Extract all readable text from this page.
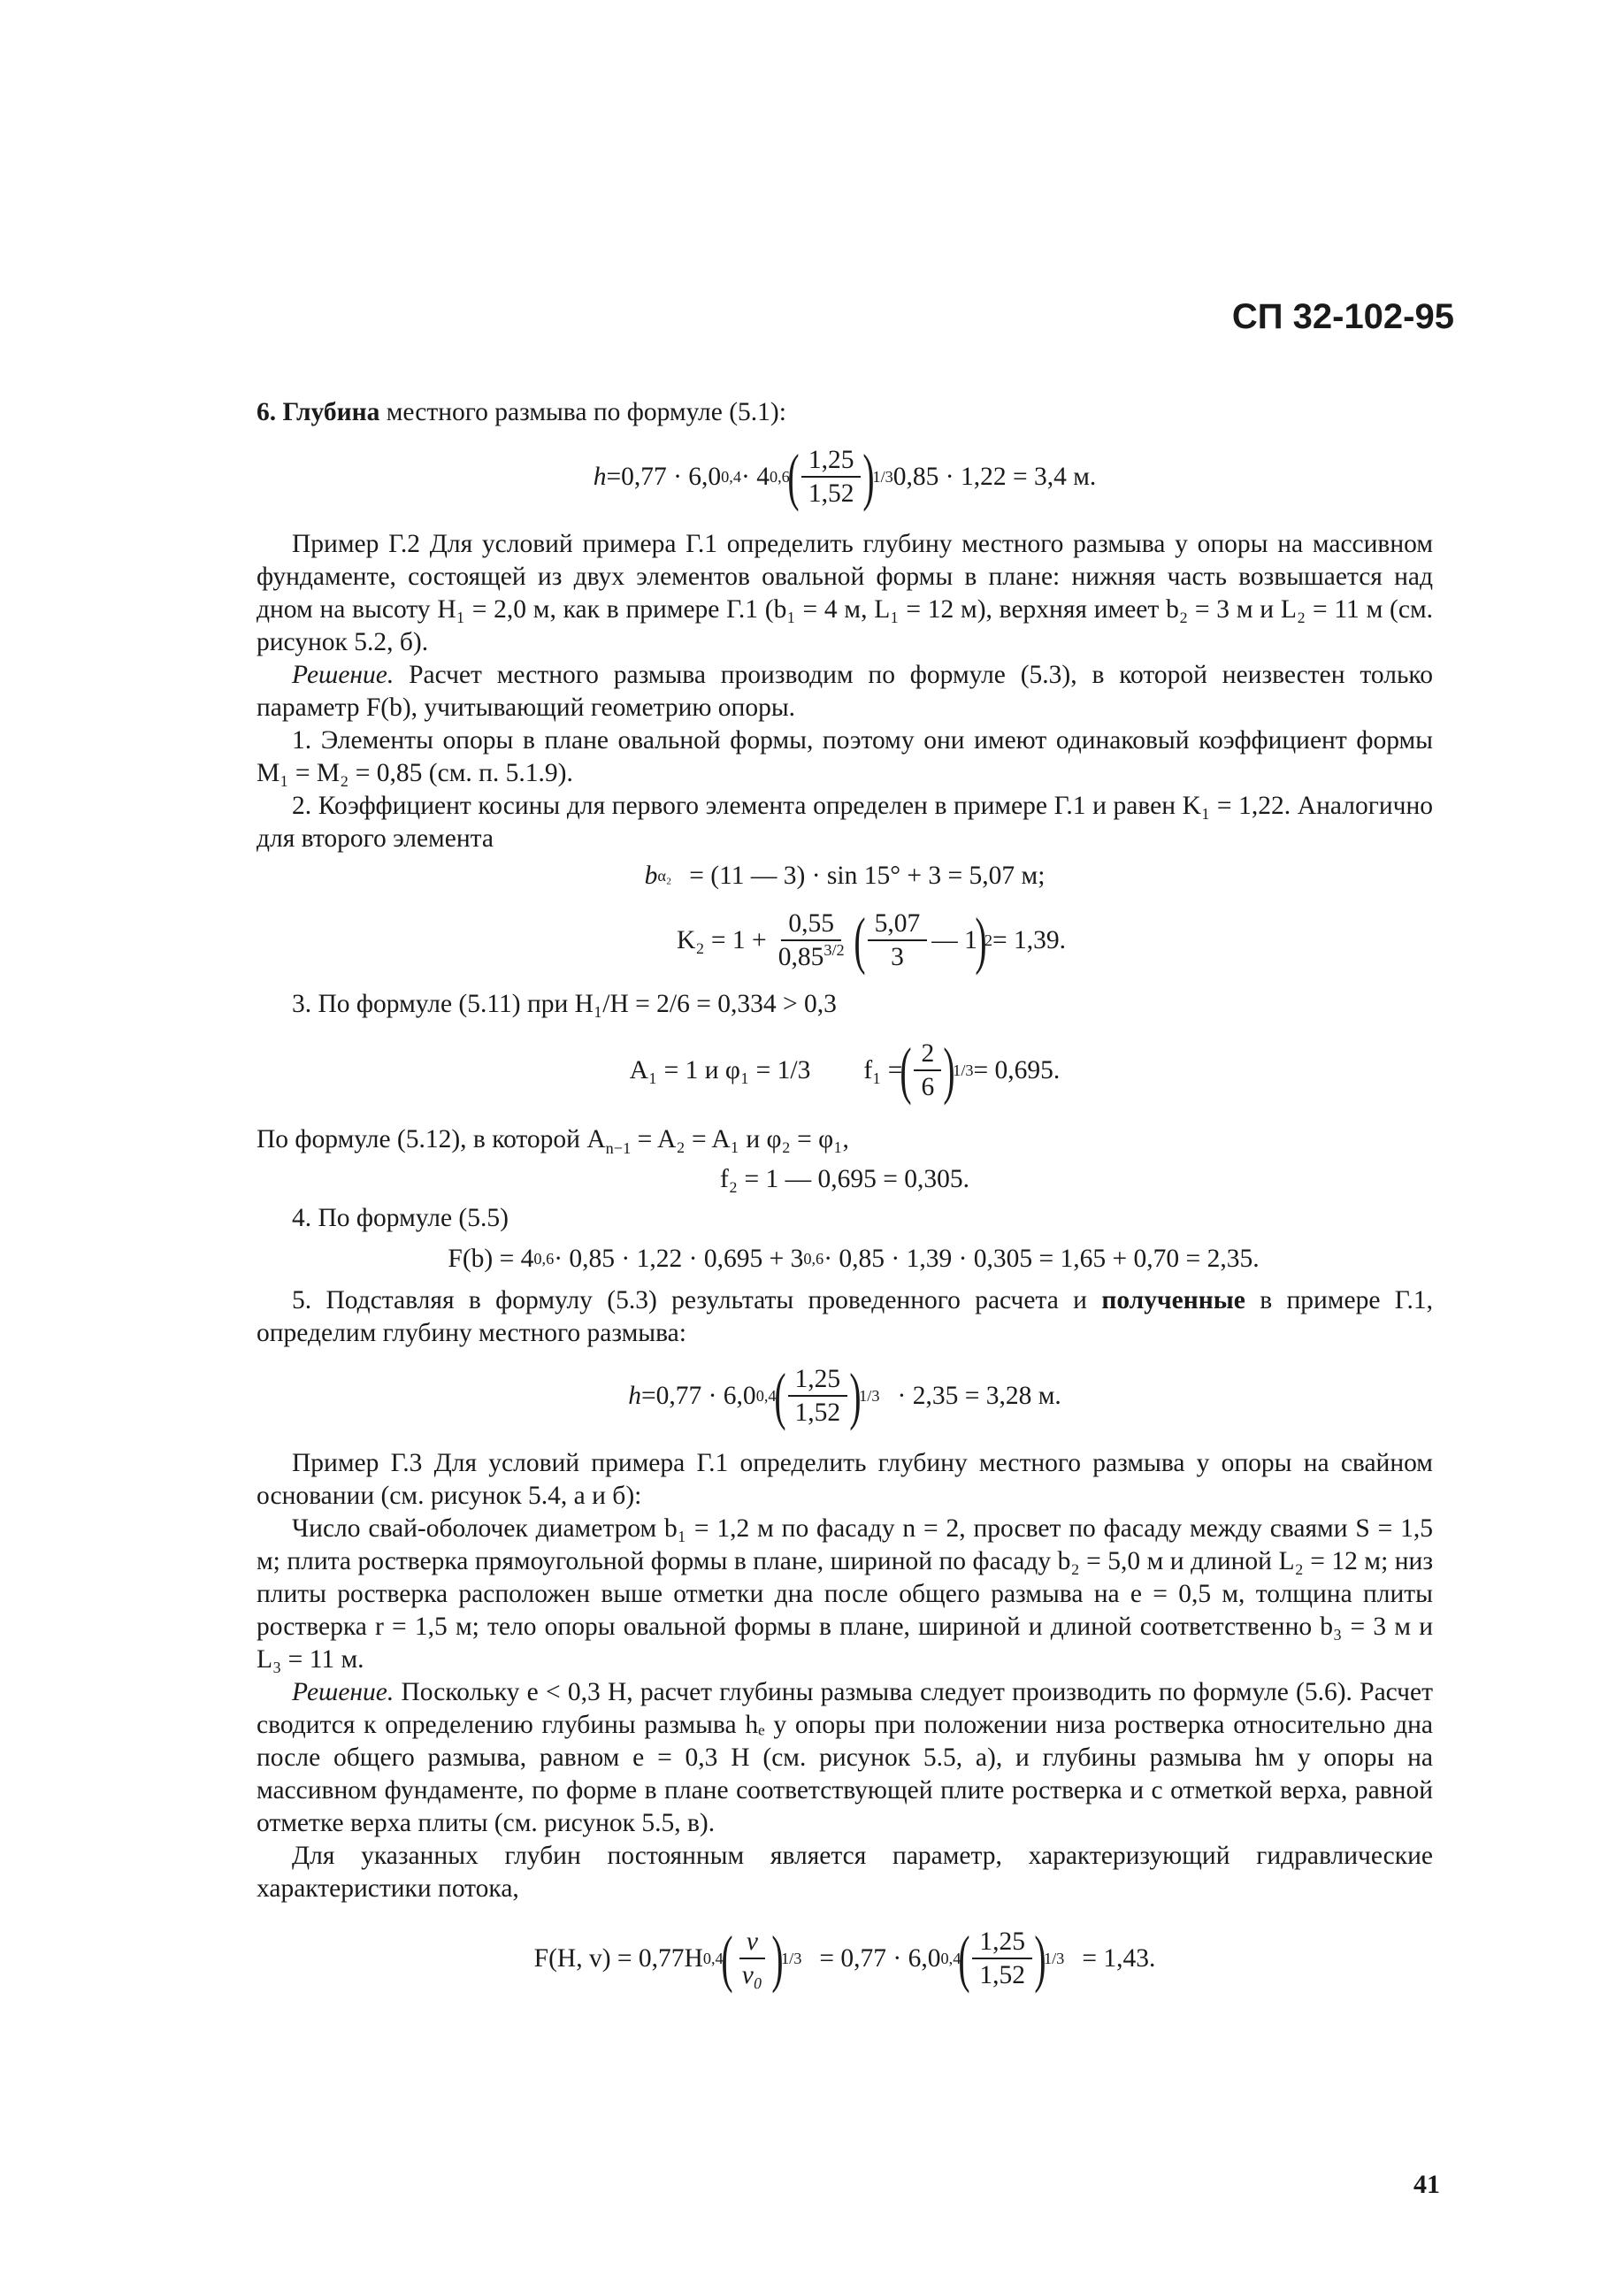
СП 32-102-95

6. Глубина местного размыва по формуле (5.1):

h =0,77 · 6,0 0,4 · 4 0,6
( $\frac{1,25}{1,52}$ )
1/3 0,85 · 1,22 = 3,4 м.

Пример Г.2 Для условий примера Г.1 определить глубину местного размыва у опоры на массивном фундаменте, состоящей из двух элементов овальной формы в плане: нижняя часть возвышается над дном на высоту H₁ = 2,0 м, как в примере Г.1 (b₁ = 4 м, L₁ = 12 м), верхняя имеет b₂ = 3 м и L₂ = 11 м (см. рисунок 5.2, б).

Решение. Расчет местного размыва производим по формуле (5.3), в которой неизвестен только параметр F(b), учитывающий геометрию опоры.

1. Элементы опоры в плане овальной формы, поэтому они имеют одинаковый коэффициент формы M₁ = M₂ = 0,85 (см. п. 5.1.9).

2. Коэффициент косины для первого элемента определен в примере Г.1 и равен K₁ = 1,22. Аналогично для второго элемента

b α₂ = (11 — 3) · sin 15° + 3 = 5,07 м;
$K_2 = 1 + \frac{0,55}{0,85^{3/2}}$ ( $\frac{5,07}{3}$ — 1
)
2 = 1,39.

3. По формуле (5.11) при H₁/H = 2/6 = 0,334 > 0,3

A₁ = 1 и φ₁ = 1/3 f₁ =
( $\frac{2}{6}$ )
1/3 = 0,695.

По формуле (5.12), в которой $A_{n-1} = A_2 = A_1$ и φ₂ = φ₁,

f₂ = 1 — 0,695 = 0,305.

4. По формуле (5.5)

F(b) = 4 0,6 · 0,85 · 1,22 · 0,695 + 3 0,6 · 0,85 · 1,39 · 0,305 = 1,65 + 0,70 = 2,35.

5. Подставляя в формулу (5.3) результаты проведенного расчета и полученные в примере Г.1, определим глубину местного размыва:

h =0,77 · 6,0 0,4
( $\frac{1,25}{1,52}$ )
1/3 · 2,35 = 3,28 м.

Пример Г.3 Для условий примера Г.1 определить глубину местного размыва у опоры на свайном основании (см. рисунок 5.4, а и б):

Число свай-оболочек диаметром b₁ = 1,2 м по фасаду n = 2, просвет по фасаду между сваями S = 1,5 м; плита ростверка прямоугольной формы в плане, шириной по фасаду b₂ = 5,0 м и длиной L₂ = 12 м; низ плиты ростверка расположен выше отметки дна после общего размыва на e = 0,5 м, толщина плиты ростверка r = 1,5 м; тело опоры овальной формы в плане, шириной и длиной соответственно b₃ = 3 м и L₃ = 11 м.

Решение. Поскольку e < 0,3 H, расчет глубины размыва следует производить по формуле (5.6). Расчет сводится к определению глубины размыва hₑ у опоры при положении низа ростверка относительно дна после общего размыва, равном e = 0,3 H (см. рисунок 5.5, а), и глубины размыва hм у опоры на массивном фундаменте, по форме в плане соответствующей плите ростверка и с отметкой верха, равной отметке верха плиты (см. рисунок 5.5, в).

Для указанных глубин постоянным является параметр, характеризующий гидравлические характеристики потока,

F(H, v) = 0,77H 0,4
( $\frac{v}{\text{v₀}}$ )
1/3 = 0,77 · 6,0 0,4
( $\frac{1,25}{1,52}$ )
1/3 = 1,43.
41
